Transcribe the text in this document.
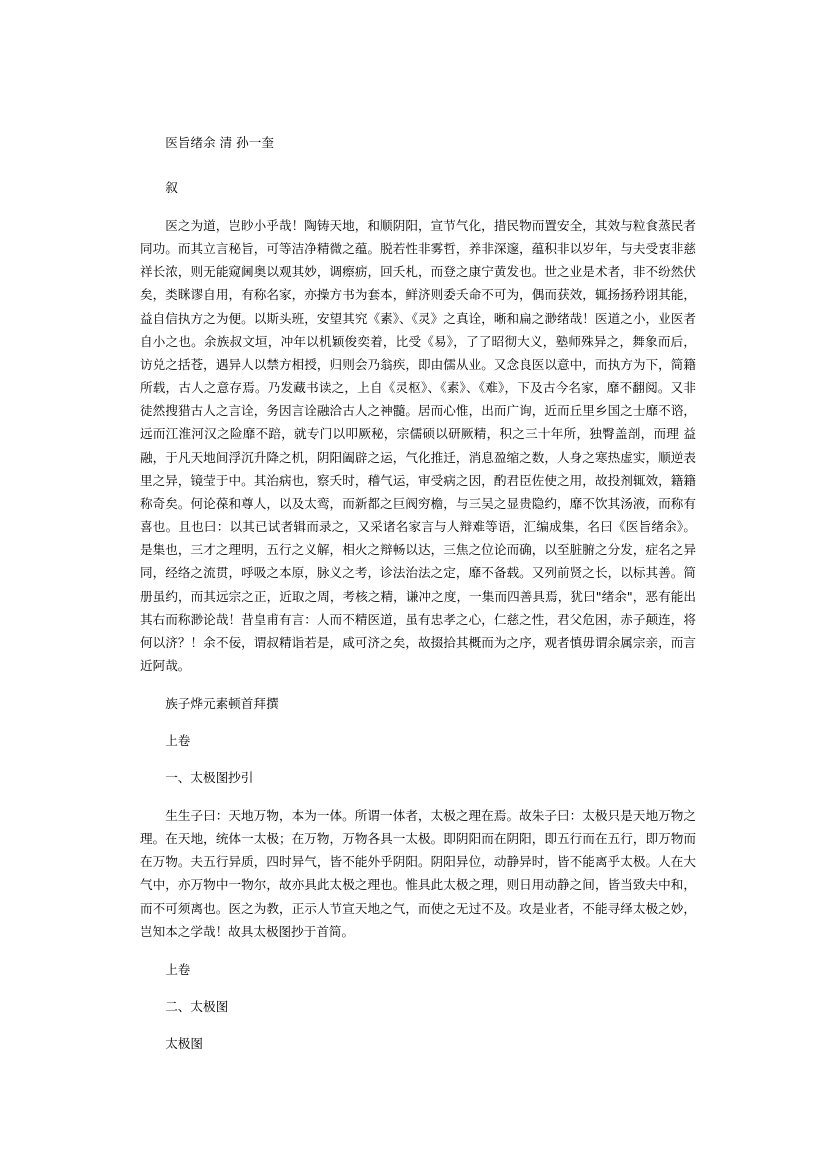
医旨绪余 清 孙一奎
叙
医之为道，岂眇小乎哉！陶铸天地，和顺阴阳，宣节气化，措民物而置安全，其效与粒食蒸民者同功。而其立言秘旨，可等洁净精微之蕴。脱若性非雾哲，养非深邃，蕴积非以岁年，与夫受衷非慈祥长浓，则无能窥阃奥以观其妙，调瘵疬，回夭札，而登之康宁黄发也。世之业是术者，非不纷然伏矣，类眯谬自用，有称名家，亦操方书为套本，鲜济则委夭命不可为，偶而获效，辄扬扬矜诩其能，益自信执方之为便。以斯头班，安望其究《素》、《灵》之真诠，晰和扁之渺绪哉！医道之小，业医者自小之也。余族叔文垣，冲年以机颖俊奕着，比受《易》，了了昭彻大义，塾师殊异之，舞象而后，访兑之括苍，遇异人以禁方相授，归则会乃翁疾，即由儒从业。又念良医以意中，而执方为下，简籍所载，古人之意存焉。乃发藏书读之，上自《灵枢》、《素》、《难》，下及古今名家，靡不翻阅。又非徒然搜猎古人之言诠，务因言诠融洽古人之神髓。居而心惟，出而广询，近而丘里乡国之士靡不谘，远而江淮河汉之险靡不踣，就专门以叩厥秘，宗儒硕以研厥精，积之三十年所，独臀盖剖，而理 益融，于凡天地间浮沉升降之机，阴阳阖辟之运，气化推迁，消息盈缩之数，人身之寒热虚实，顺逆表里之异，镜莹于中。其治病也，察夭时，稽气运，审受病之因，酌君臣佐使之用，故投剂辄效，籍籍称奇矣。何论葆和尊人，以及太鸾，而新都之巨阀穷檐，与三吴之显贵隐约，靡不饮其汤液，而称有喜也。且也曰：以其已试者辑而录之，又采诸名家言与人辩难等语，汇编成集，名曰《医旨绪余》。是集也，三才之理明，五行之义解，相火之辩畅以达，三焦之位论而确，以至脏腑之分发，症名之异同，经络之流贯，呼吸之本原，脉义之考，诊法治法之定，靡不备载。又列前贤之长，以标其善。简册虽约，而其远宗之正，近取之周，考核之精，谦冲之度，一集而四善具焉，犹曰"绪余"，恶有能出其右而称渺论哉！昔皇甫有言：人而不精医道，虽有忠孝之心，仁慈之性，君父危困，赤子颠连，将何以济？！余不佞，谓叔精诣若是，咸可济之矣，故掇拾其概而为之序，观者慎毋谓余属宗亲，而言近阿哉。
族子烨元素顿首拜撰
上卷
一、太极图抄引
生生子曰：天地万物，本为一体。所谓一体者，太极之理在焉。故朱子曰：太极只是天地万物之理。在天地，统体一太极；在万物，万物各具一太极。即阴阳而在阴阳，即五行而在五行，即万物而在万物。夫五行异质，四时异气，皆不能外乎阴阳。阴阳异位，动静异时，皆不能离乎太极。人在大气中，亦万物中一物尔，故亦具此太极之理也。惟具此太极之理，则日用动静之间，皆当致夫中和，而不可须离也。医之为教，正示人节宣天地之气，而使之无过不及。攻是业者，不能寻绎太极之妙，岂知本之学哉！故具太极图抄于首简。
上卷
二、太极图
太极图
